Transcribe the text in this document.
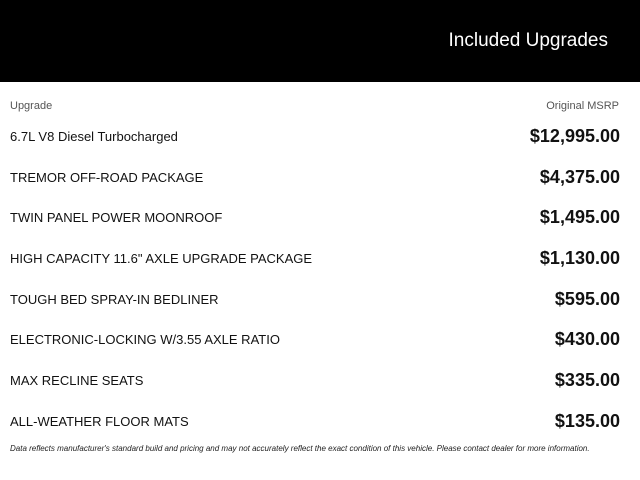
Included Upgrades
Upgrade	Original MSRP
6.7L V8 Diesel Turbocharged	$12,995.00
TREMOR OFF-ROAD PACKAGE	$4,375.00
TWIN PANEL POWER MOONROOF	$1,495.00
HIGH CAPACITY 11.6" AXLE UPGRADE PACKAGE	$1,130.00
TOUGH BED SPRAY-IN BEDLINER	$595.00
ELECTRONIC-LOCKING W/3.55 AXLE RATIO	$430.00
MAX RECLINE SEATS	$335.00
ALL-WEATHER FLOOR MATS	$135.00
Data reflects manufacturer's standard build and pricing and may not accurately reflect the exact condition of this vehicle. Please contact dealer for more information.
